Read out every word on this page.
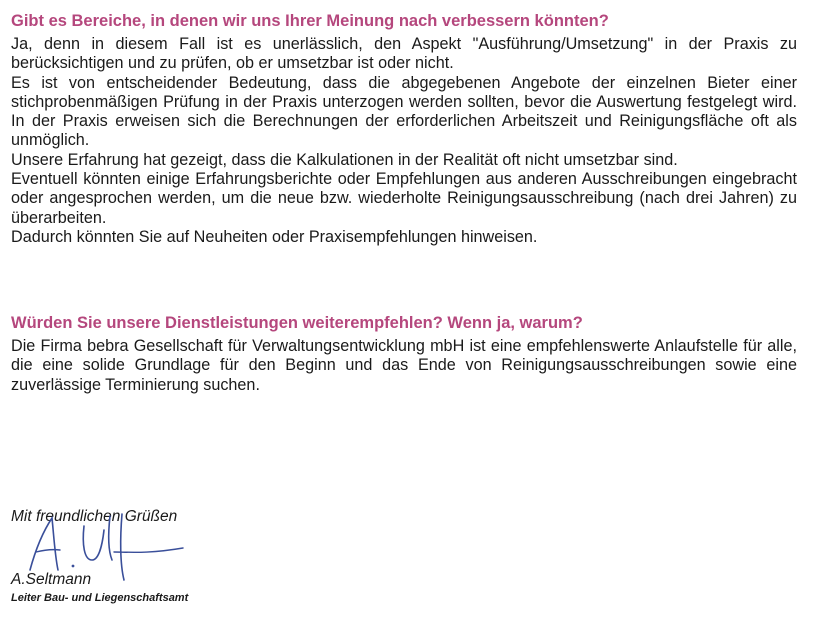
Gibt es Bereiche, in denen wir uns Ihrer Meinung nach verbessern könnten?

Ja, denn in diesem Fall ist es unerlässlich, den Aspekt "Ausführung/Umsetzung" in der Praxis zu berücksichtigen und zu prüfen, ob er umsetzbar ist oder nicht.

Es ist von entscheidender Bedeutung, dass die abgegebenen Angebote der einzelnen Bieter einer stichprobenmäßigen Prüfung in der Praxis unterzogen werden sollten, bevor die Auswertung festgelegt wird. In der Praxis erweisen sich die Berechnungen der erforderlichen Arbeitszeit und Reinigungsfläche oft als unmöglich.

Unsere Erfahrung hat gezeigt, dass die Kalkulationen in der Realität oft nicht umsetzbar sind.

Eventuell könnten einige Erfahrungsberichte oder Empfehlungen aus anderen Ausschreibungen eingebracht oder angesprochen werden, um die neue bzw. wiederholte Reinigungsausschreibung (nach drei Jahren) zu überarbeiten.

Dadurch könnten Sie auf Neuheiten oder Praxisempfehlungen hinweisen.

Würden Sie unsere Dienstleistungen weiterempfehlen? Wenn ja, warum?

Die Firma bebra Gesellschaft für Verwaltungsentwicklung mbH ist eine empfehlenswerte Anlaufstelle für alle, die eine solide Grundlage für den Beginn und das Ende von Reinigungsausschreibungen sowie eine zuverlässige Terminierung suchen.

Mit freundlichen Grüßen
A.Seltmann
Leiter Bau- und Liegenschaftsamt
